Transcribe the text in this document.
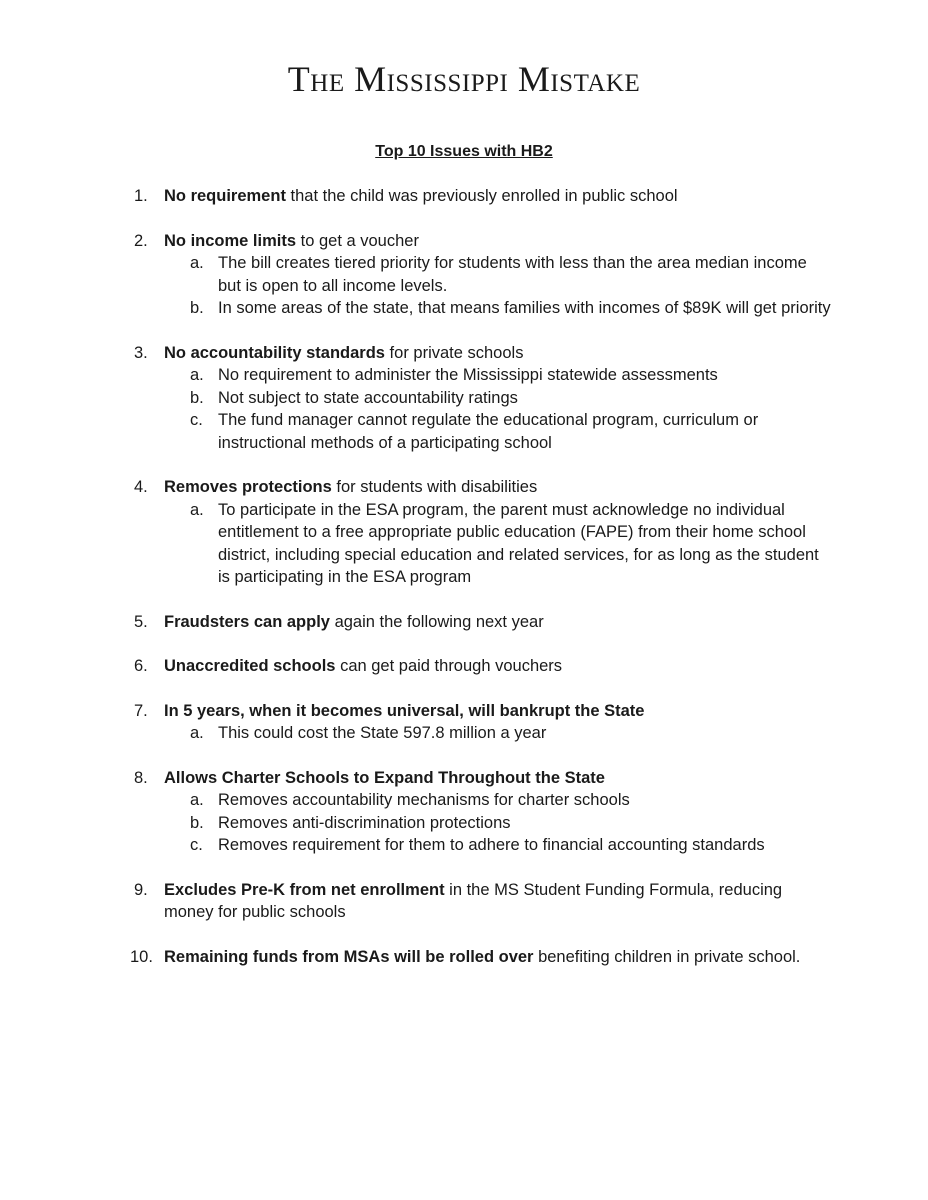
The Mississippi Mistake
Top 10 Issues with HB2
1. No requirement that the child was previously enrolled in public school
2. No income limits to get a voucher
a. The bill creates tiered priority for students with less than the area median income but is open to all income levels.
b. In some areas of the state, that means families with incomes of $89K will get priority
3. No accountability standards for private schools
a. No requirement to administer the Mississippi statewide assessments
b. Not subject to state accountability ratings
c. The fund manager cannot regulate the educational program, curriculum or instructional methods of a participating school
4. Removes protections for students with disabilities
a. To participate in the ESA program, the parent must acknowledge no individual entitlement to a free appropriate public education (FAPE) from their home school district, including special education and related services, for as long as the student is participating in the ESA program
5. Fraudsters can apply again the following next year
6. Unaccredited schools can get paid through vouchers
7. In 5 years, when it becomes universal, will bankrupt the State
a. This could cost the State 597.8 million a year
8. Allows Charter Schools to Expand Throughout the State
a. Removes accountability mechanisms for charter schools
b. Removes anti-discrimination protections
c. Removes requirement for them to adhere to financial accounting standards
9. Excludes Pre-K from net enrollment in the MS Student Funding Formula, reducing money for public schools
10. Remaining funds from MSAs will be rolled over benefiting children in private school.
